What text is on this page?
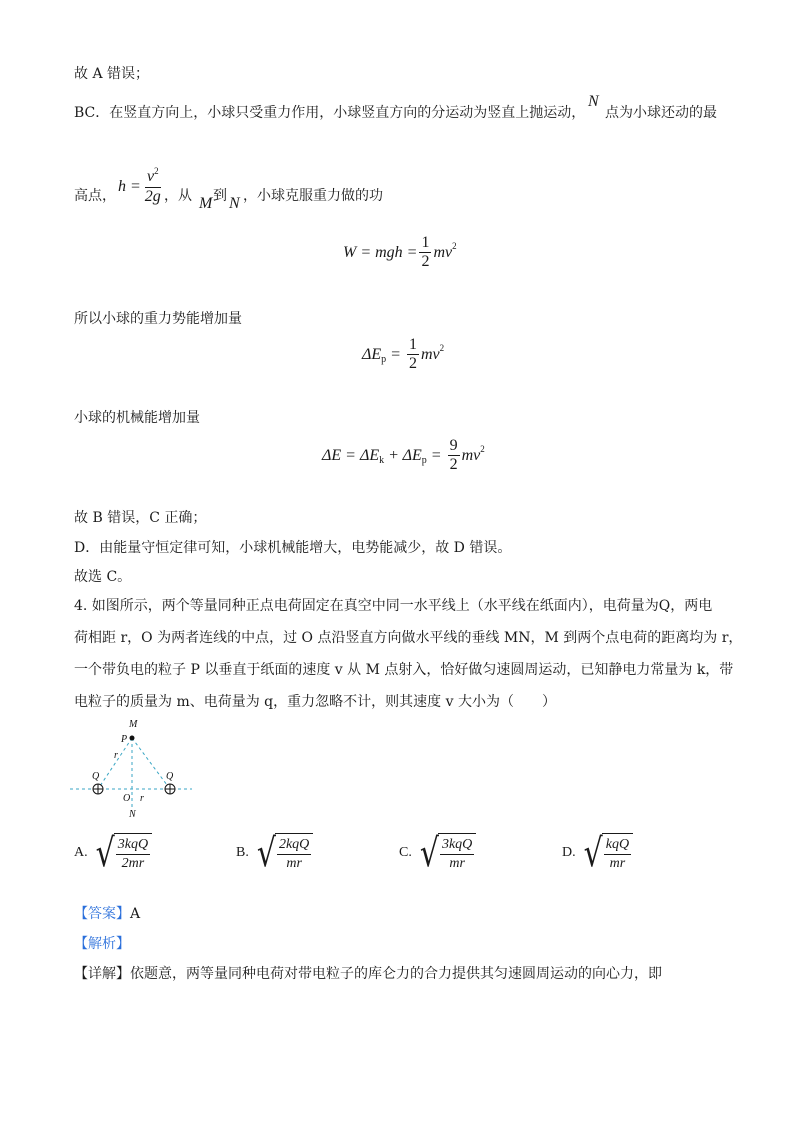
故 A 错误；
BC．在竖直方向上，小球只受重力作用，小球竖直方向的分运动为竖直上抛运动，
N
点为小球还动的最
高点，
$h = \frac{v^2}{2g}$ ，从 M 到 N ，小球克服重力做的功
W = mgh = $\frac{1}{2}$ mv 2
所以小球的重力势能增加量
ΔE $p = \frac{1}{2}$ mv 2
小球的机械能增加量
ΔE = ΔE k + ΔE $p = \frac{9}{2}$ mv 2
故 B 错误，C 正确；
D．由能量守恒定律可知，小球机械能增大，电势能减少，故 D 错误。
故选 C。
4. 如图所示，两个等量同种正点电荷固定在真空中同一水平线上（水平线在纸面内），电荷量为Q，两电
荷相距 r，O 为两者连线的中点，过 O 点沿竖直方向做水平线的垂线 MN，M 到两个点电荷的距离均为 r，
一个带负电的粒子 P 以垂直于纸面的速度 v 从 M 点射入，恰好做匀速圆周运动，已知静电力常量为 k，带
电粒子的质量为 m、电荷量为 q，重力忽略不计，则其速度 v 大小为（　　）
M
P
r
Q	Q
O r
N
A. √ $\frac{\text{3kqQ}}{2mr}$	B. √ $\frac{\text{2kqQ}}{mr}$	C. √ $\frac{\text{3kqQ}}{mr}$	D. √ $\frac{\text{kqQ}}{mr}$
【答案】A
【解析】
【详解】依题意，两等量同种电荷对带电粒子的库仑力的合力提供其匀速圆周运动的向心力，即
